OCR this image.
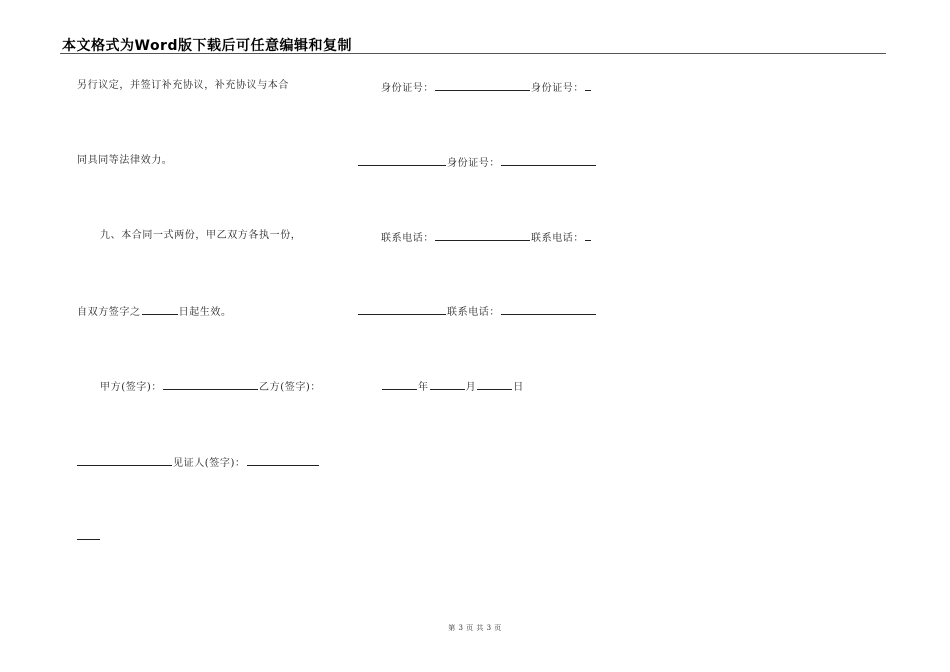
本文格式为Word版下载后可任意编辑和复制
另行议定，并签订补充协议，补充协议与本合
同具同等法律效力。
九、本合同一式两份，甲乙双方各执一份，
自双方签字之	日起生效。
甲方(签字)：	乙方(签字)：
见证人(签字)：
身份证号：	身份证号：
身份证号：
联系电话：	联系电话：
联系电话：
年	月	日
第 3 页 共 3 页
